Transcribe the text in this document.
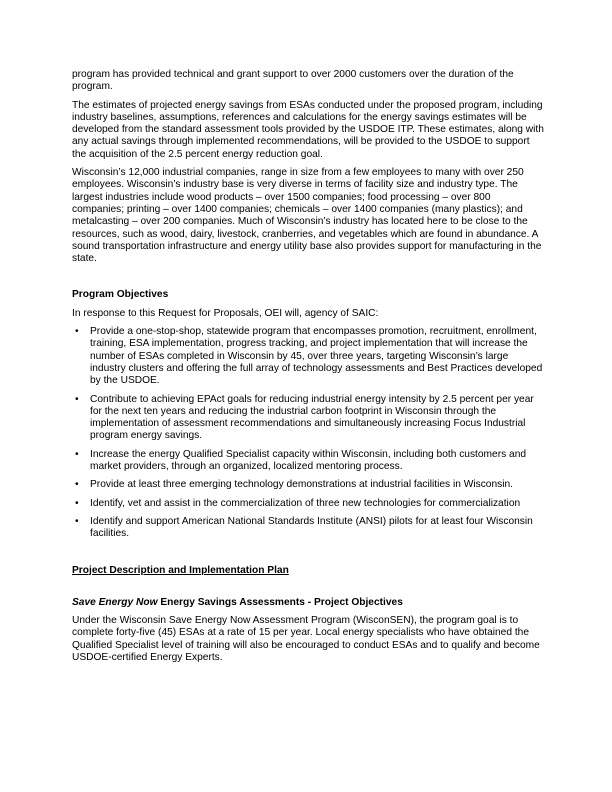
program has provided technical and grant support to over 2000 customers over the duration of the program.

The estimates of projected energy savings from ESAs conducted under the proposed program, including industry baselines, assumptions, references and calculations for the energy savings estimates will be developed from the standard assessment tools provided by the USDOE ITP. These estimates, along with any actual savings through implemented recommendations, will be provided to the USDOE to support the acquisition of the 2.5 percent energy reduction goal.

Wisconsin’s 12,000 industrial companies, range in size from a few employees to many with over 250 employees. Wisconsin’s industry base is very diverse in terms of facility size and industry type. The largest industries include wood products – over 1500 companies; food processing – over 800 companies; printing – over 1400 companies; chemicals – over 1400 companies (many plastics); and metalcasting – over 200 companies. Much of Wisconsin’s industry has located here to be close to the resources, such as wood, dairy, livestock, cranberries, and vegetables which are found in abundance. A sound transportation infrastructure and energy utility base also provides support for manufacturing in the state.

Program Objectives

In response to this Request for Proposals, OEI will, agency of SAIC:

• Provide a one-stop-shop, statewide program that encompasses promotion, recruitment, enrollment, training, ESA implementation, progress tracking, and project implementation that will increase the number of ESAs completed in Wisconsin by 45, over three years, targeting Wisconsin’s large industry clusters and offering the full array of technology assessments and Best Practices developed by the USDOE.
• Contribute to achieving EPAct goals for reducing industrial energy intensity by 2.5 percent per year for the next ten years and reducing the industrial carbon footprint in Wisconsin through the implementation of assessment recommendations and simultaneously increasing Focus Industrial program energy savings.
• Increase the energy Qualified Specialist capacity within Wisconsin, including both customers and market providers, through an organized, localized mentoring process.
• Provide at least three emerging technology demonstrations at industrial facilities in Wisconsin.
• Identify, vet and assist in the commercialization of three new technologies for commercialization
• Identify and support American National Standards Institute (ANSI) pilots for at least four Wisconsin facilities.
Project Description and Implementation Plan
Save Energy Now Energy Savings Assessments - Project Objectives

Under the Wisconsin Save Energy Now Assessment Program (WisconSEN), the program goal is to complete forty-five (45) ESAs at a rate of 15 per year. Local energy specialists who have obtained the Qualified Specialist level of training will also be encouraged to conduct ESAs and to qualify and become USDOE-certified Energy Experts.
